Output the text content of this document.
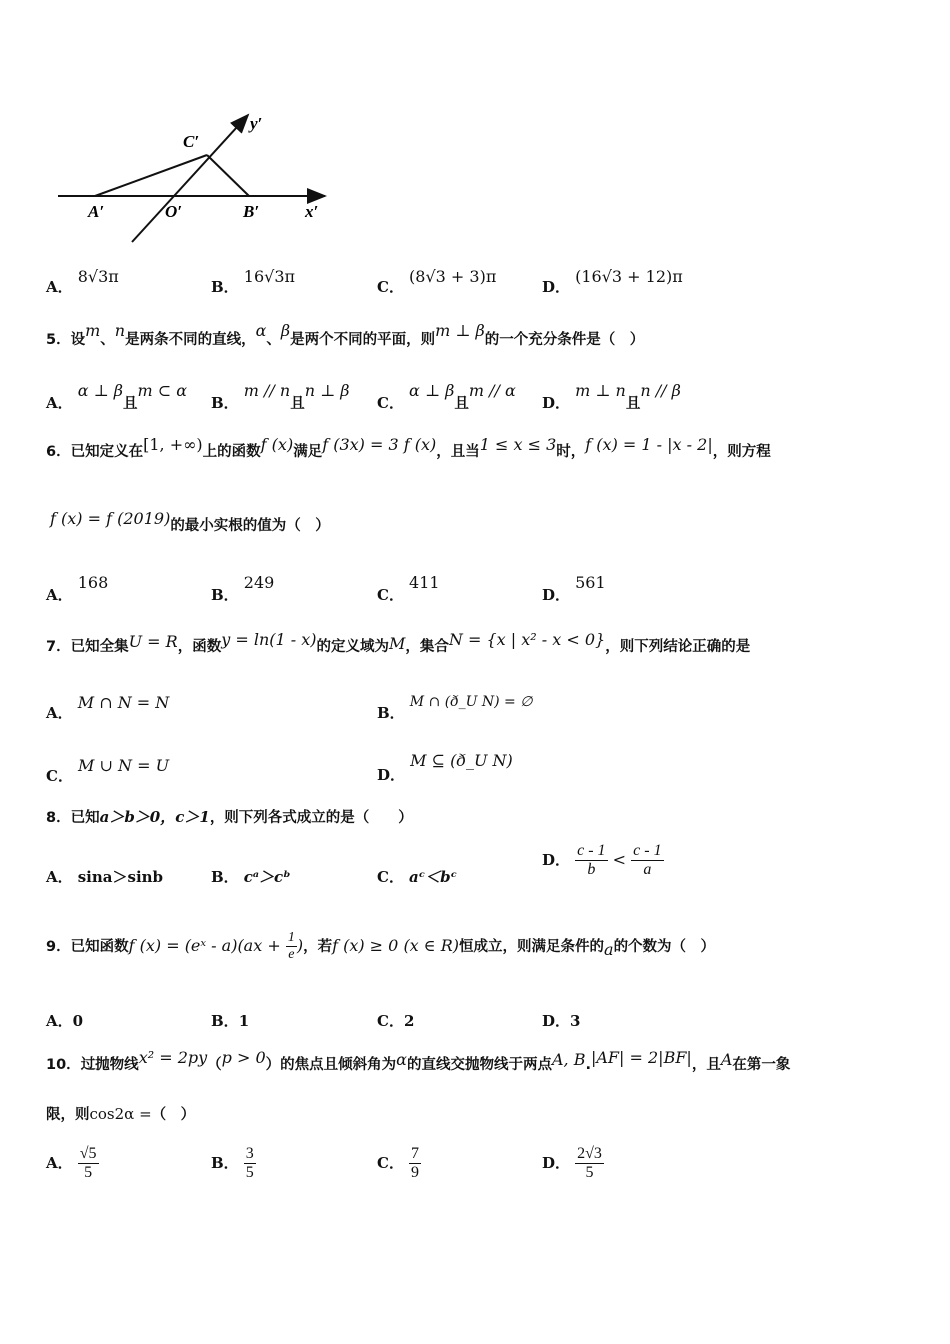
C′
y′
A′	O′	B′	x′
A． 8√3π
B． 16√3π
C． (8√3 + 3)π
D． (16√3 + 12)π
5．设m、n是两条不同的直线，α、β是两个不同的平面，则m ⊥ β的一个充分条件是（　）
A． α ⊥ β且m ⊂ α
B． m // n且n ⊥ β
C． α ⊥ β且m // α
D． m ⊥ n且n // β
6．已知定义在[1, +∞)上的函数f (x)满足f (3x) = 3 f (x)，且当1 ≤ x ≤ 3时，f (x) = 1 - |x - 2|，则方程
f (x) = f (2019)的最小实根的值为（　）
A． 168
B． 249
C． 411
D． 561
7．已知全集U = R，函数y = ln(1 - x)的定义域为M，集合N = {x | x² - x < 0}，则下列结论正确的是
A． M ∩ N = N
B． M ∩ (ð_U N) = ∅
C． M ∪ N = U	D． M ⊆ (ð_U N)
8．已知a＞b＞0，c＞1，则下列各式成立的是（　　）
A． sina＞sinb	B． cᵃ＞cᵇ	C． aᶜ＜bᶜ
D． $\frac{c - 1}{b} < \frac{c - 1}{a}$
9．已知函数f (x) = (eˣ - $a)(ax + \frac{1}{e}$ )，若f (x) ≥ 0 (x ∈ R)恒成立，则满足条件的a的个数为（　）
A．0	B．1	C．2	D．3
10．过抛物线x² = 2py（p > 0）的焦点且倾斜角为α的直线交抛物线于两点A, B.|AF| = 2|BF|，且A在第一象
限，则cos2α =（　）
A． $\frac{√5}{5}$	B． $\frac{3}{5}$	C． $\frac{7}{9}$	D． $\frac{2√3}{5}$
